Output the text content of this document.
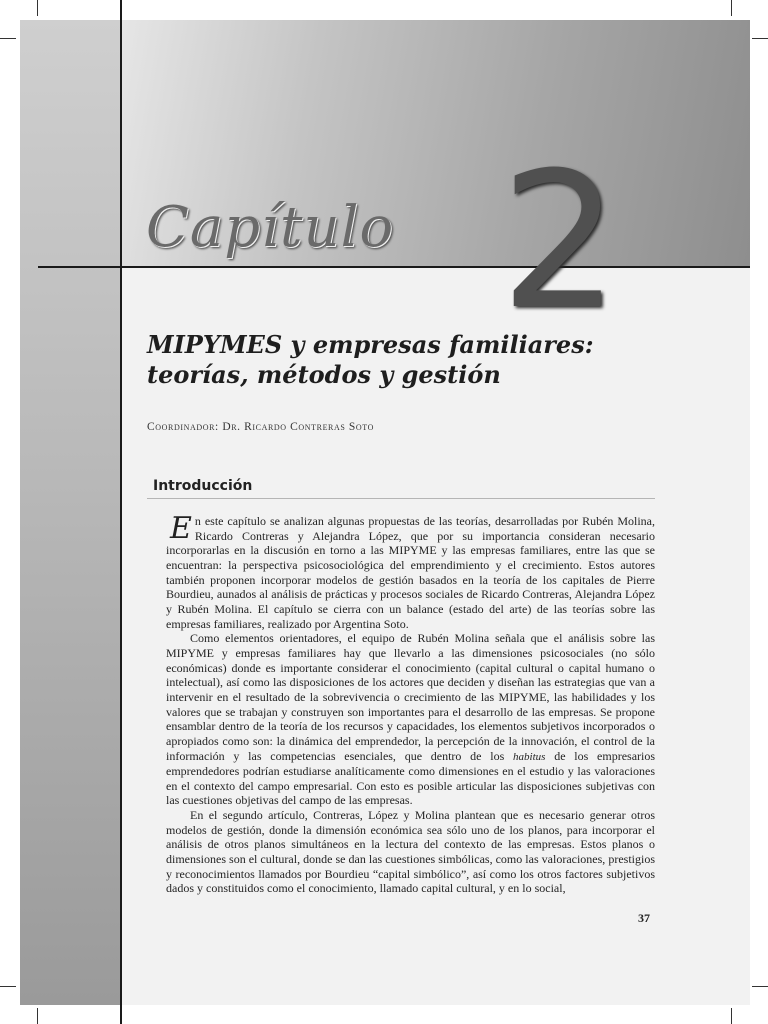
Capítulo 2
MIPYMES y empresas familiares:
teorías, métodos y gestión
Coordinador: Dr. Ricardo Contreras Soto
Introducción

En este capítulo se analizan algunas propuestas de las teorías, desarrolladas por Rubén Molina, Ricardo Contreras y Alejandra López, que por su importancia consideran necesario incorporarlas en la discusión en torno a las MIPYME y las empresas familiares, entre las que se encuentran: la perspectiva psicosociológica del emprendimiento y el crecimiento. Estos autores también proponen incorporar modelos de gestión basados en la teoría de los capitales de Pierre Bourdieu, aunados al análisis de prácticas y procesos sociales de Ricardo Contreras, Alejandra López y Rubén Molina. El capítulo se cierra con un balance (estado del arte) de las teorías sobre las empresas familiares, realizado por Argentina Soto.

Como elementos orientadores, el equipo de Rubén Molina señala que el análisis sobre las MIPYME y empresas familiares hay que llevarlo a las dimensiones psicosociales (no sólo económicas) donde es importante considerar el conocimiento (capital cultural o capital humano o intelectual), así como las disposiciones de los actores que deciden y diseñan las estrategias que van a intervenir en el resultado de la sobrevivencia o crecimiento de las MIPYME, las habilidades y los valores que se trabajan y construyen son importantes para el desarrollo de las empresas. Se propone ensamblar dentro de la teoría de los recursos y capacidades, los elementos subjetivos incorporados o apropiados como son: la dinámica del emprendedor, la percepción de la innovación, el control de la información y las competencias esenciales, que dentro de los habitus de los empresarios emprendedores podrían estudiarse analíticamente como dimensiones en el estudio y las valoraciones en el contexto del campo empresarial. Con esto es posible articular las disposiciones subjetivas con las cuestiones objetivas del campo de las empresas.

En el segundo artículo, Contreras, López y Molina plantean que es necesario generar otros modelos de gestión, donde la dimensión económica sea sólo uno de los planos, para incorporar el análisis de otros planos simultáneos en la lectura del contexto de las empresas. Estos planos o dimensiones son el cultural, donde se dan las cuestiones simbólicas, como las valoraciones, prestigios y reconocimientos llamados por Bourdieu “capital simbólico”, así como los otros factores subjetivos dados y constituidos como el conocimiento, llamado capital cultural, y en lo social,

37
